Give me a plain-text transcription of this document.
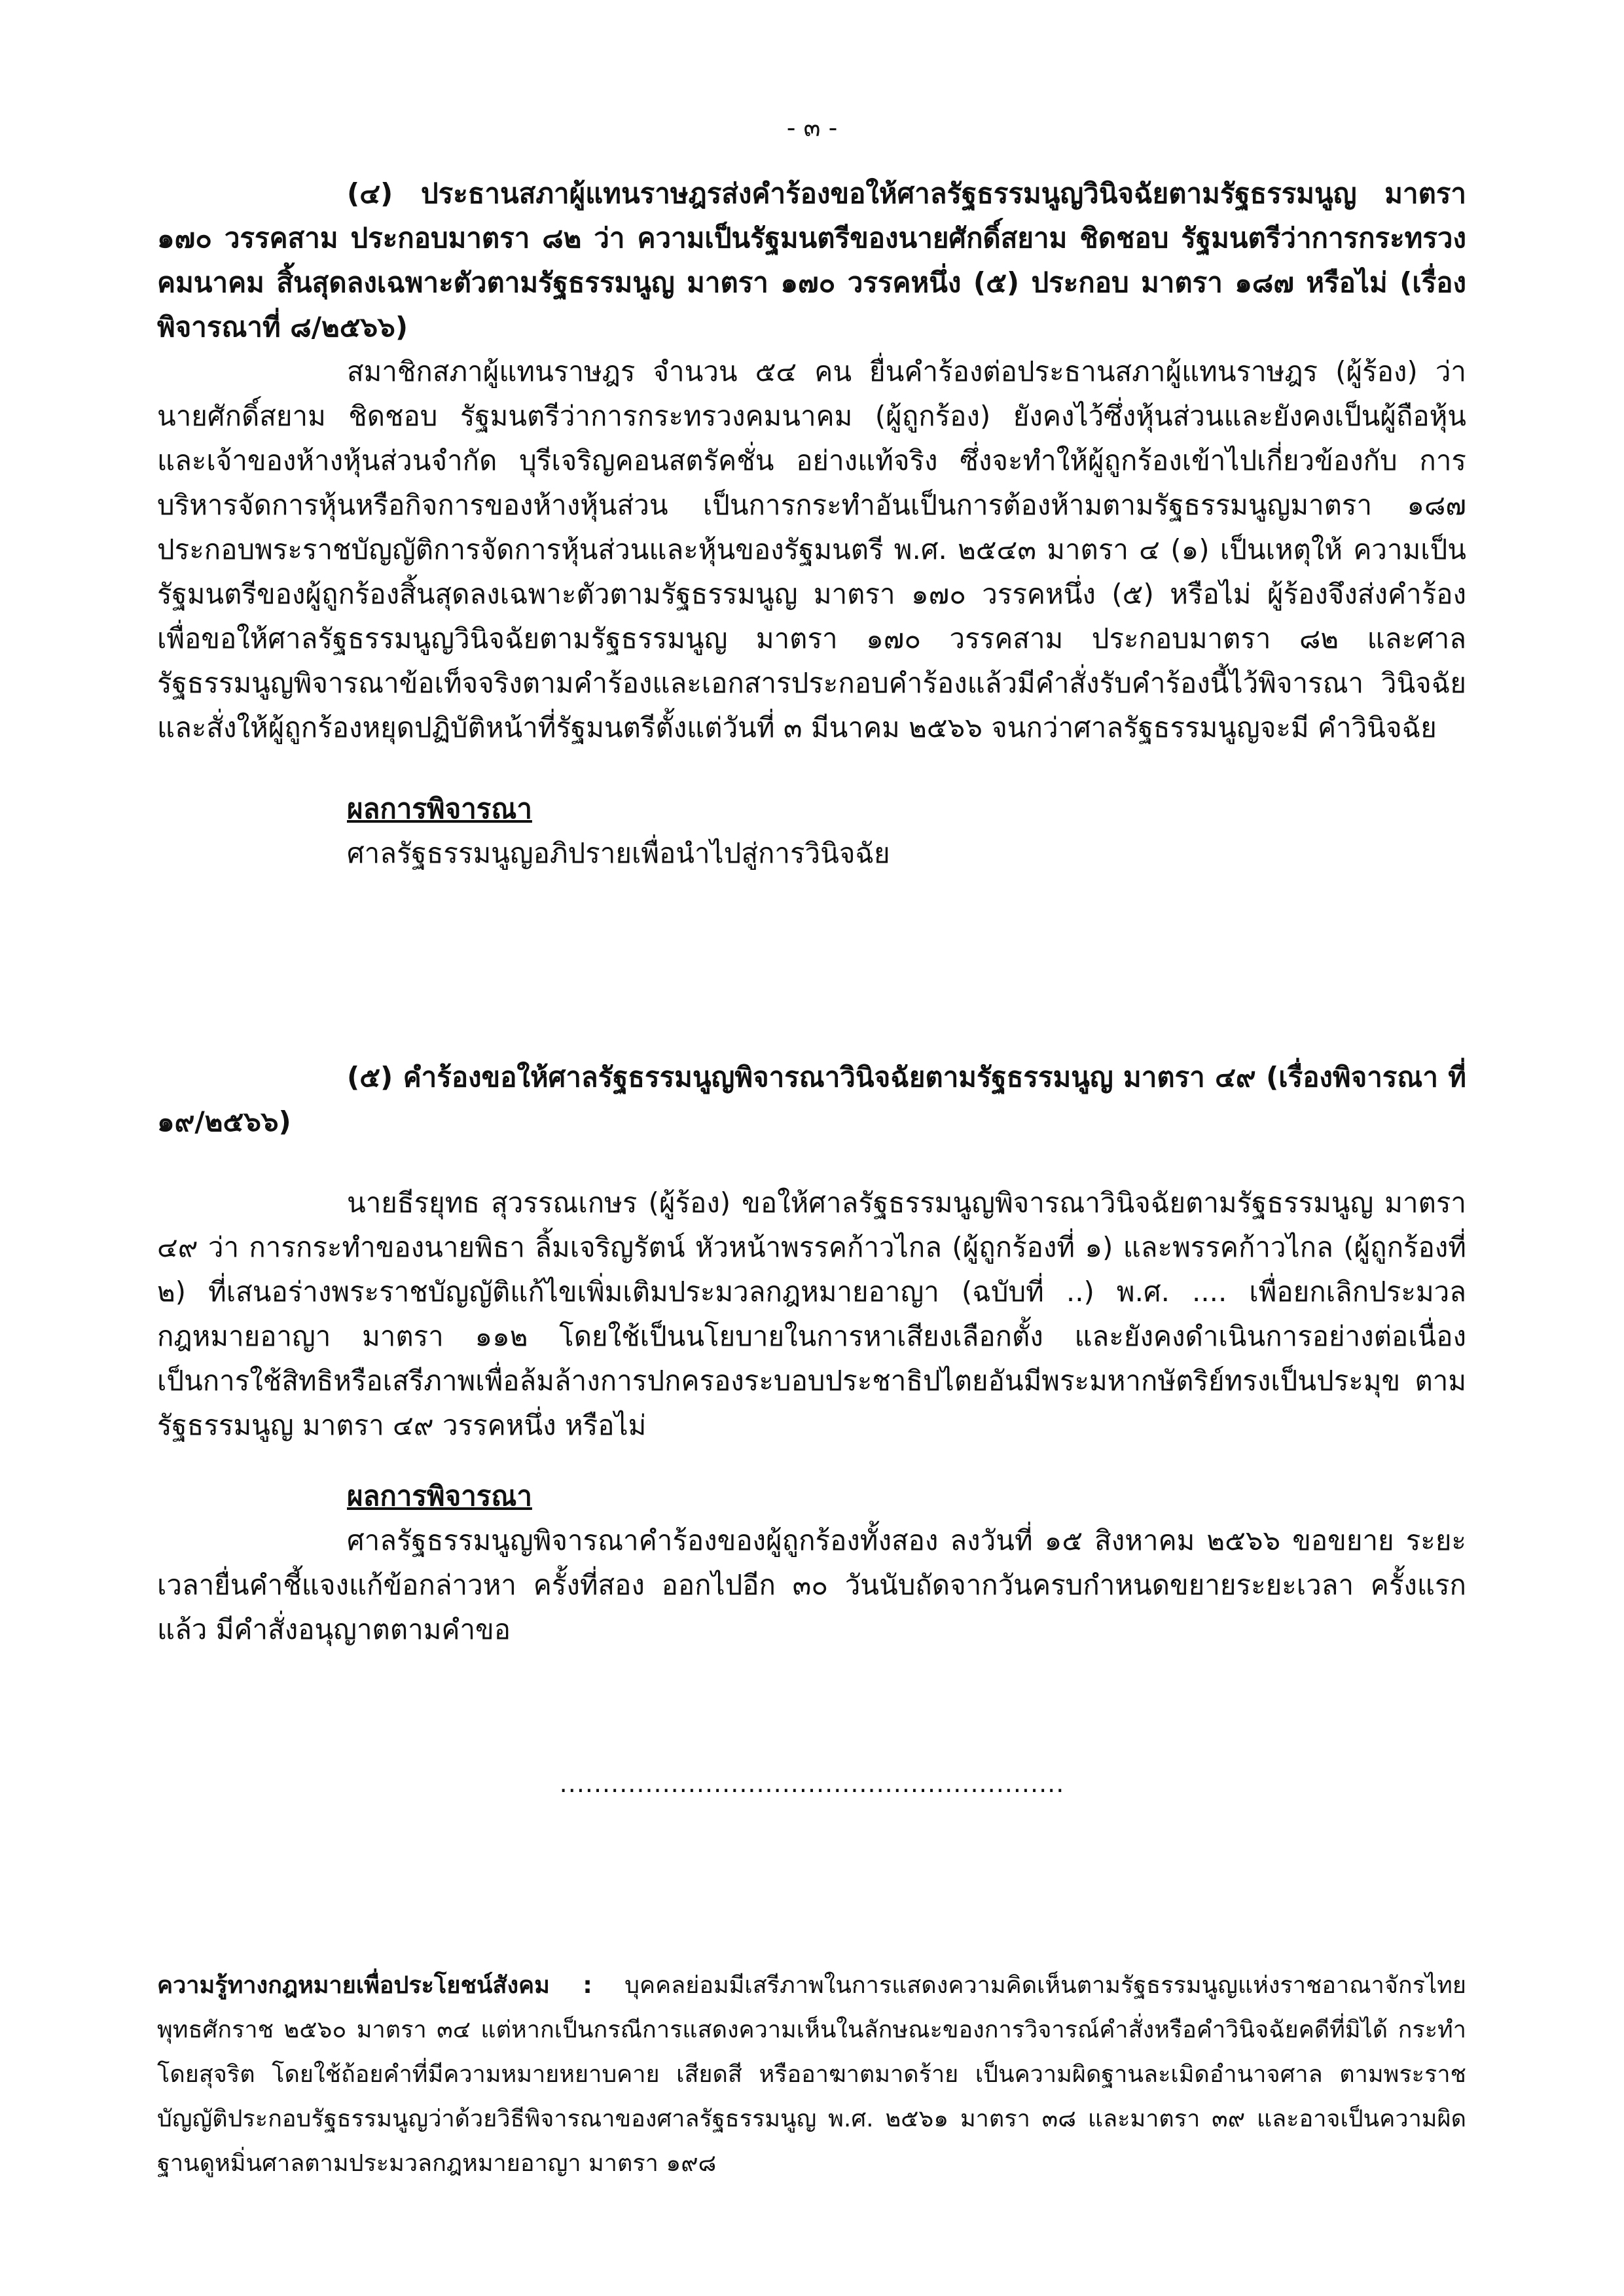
- ๓ -

(๔) ประธานสภาผู้แทนราษฎรส่งคำร้องขอให้ศาลรัฐธรรมนูญวินิจฉัยตามรัฐธรรมนูญ มาตรา ๑๗๐ วรรคสาม ประกอบมาตรา ๘๒ ว่า ความเป็นรัฐมนตรีของนายศักดิ์สยาม ชิดชอบ รัฐมนตรีว่าการกระทรวงคมนาคม สิ้นสุดลงเฉพาะตัวตามรัฐธรรมนูญ มาตรา ๑๗๐ วรรคหนึ่ง (๕) ประกอบ มาตรา ๑๘๗ หรือไม่ (เรื่องพิจารณาที่ ๘/๒๕๖๖)

สมาชิกสภาผู้แทนราษฎร จำนวน ๕๔ คน ยื่นคำร้องต่อประธานสภาผู้แทนราษฎร (ผู้ร้อง) ว่า นายศักดิ์สยาม ชิดชอบ รัฐมนตรีว่าการกระทรวงคมนาคม (ผู้ถูกร้อง) ยังคงไว้ซึ่งหุ้นส่วนและยังคงเป็นผู้ถือหุ้น และเจ้าของห้างหุ้นส่วนจำกัด บุรีเจริญคอนสตรัคชั่น อย่างแท้จริง ซึ่งจะทำให้ผู้ถูกร้องเข้าไปเกี่ยวข้องกับ การบริหารจัดการหุ้นหรือกิจการของห้างหุ้นส่วน เป็นการกระทำอันเป็นการต้องห้ามตามรัฐธรรมนูญมาตรา ๑๘๗ ประกอบพระราชบัญญัติการจัดการหุ้นส่วนและหุ้นของรัฐมนตรี พ.ศ. ๒๕๔๓ มาตรา ๔ (๑) เป็นเหตุให้ ความเป็นรัฐมนตรีของผู้ถูกร้องสิ้นสุดลงเฉพาะตัวตามรัฐธรรมนูญ มาตรา ๑๗๐ วรรคหนึ่ง (๕) หรือไม่ ผู้ร้องจึงส่งคำร้องเพื่อขอให้ศาลรัฐธรรมนูญวินิจฉัยตามรัฐธรรมนูญ มาตรา ๑๗๐ วรรคสาม ประกอบมาตรา ๘๒ และศาลรัฐธรรมนูญพิจารณาข้อเท็จจริงตามคำร้องและเอกสารประกอบคำร้องแล้วมีคำสั่งรับคำร้องนี้ไว้พิจารณา วินิจฉัยและสั่งให้ผู้ถูกร้องหยุดปฏิบัติหน้าที่รัฐมนตรีตั้งแต่วันที่ ๓ มีนาคม ๒๕๖๖ จนกว่าศาลรัฐธรรมนูญจะมี คำวินิจฉัย

ผลการพิจารณา

ศาลรัฐธรรมนูญอภิปรายเพื่อนำไปสู่การวินิจฉัย

(๕) คำร้องขอให้ศาลรัฐธรรมนูญพิจารณาวินิจฉัยตามรัฐธรรมนูญ มาตรา ๔๙ (เรื่องพิจารณา ที่ ๑๙/๒๕๖๖)

นายธีรยุทธ สุวรรณเกษร (ผู้ร้อง) ขอให้ศาลรัฐธรรมนูญพิจารณาวินิจฉัยตามรัฐธรรมนูญ มาตรา ๔๙ ว่า การกระทำของนายพิธา ลิ้มเจริญรัตน์ หัวหน้าพรรคก้าวไกล (ผู้ถูกร้องที่ ๑) และพรรคก้าวไกล (ผู้ถูกร้องที่ ๒) ที่เสนอร่างพระราชบัญญัติแก้ไขเพิ่มเติมประมวลกฎหมายอาญา (ฉบับที่ ..) พ.ศ. .... เพื่อยกเลิกประมวล กฎหมายอาญา มาตรา ๑๑๒ โดยใช้เป็นนโยบายในการหาเสียงเลือกตั้ง และยังคงดำเนินการอย่างต่อเนื่อง เป็นการใช้สิทธิหรือเสรีภาพเพื่อล้มล้างการปกครองระบอบประชาธิปไตยอันมีพระมหากษัตริย์ทรงเป็นประมุข ตามรัฐธรรมนูญ มาตรา ๔๙ วรรคหนึ่ง หรือไม่

ผลการพิจารณา

ศาลรัฐธรรมนูญพิจารณาคำร้องของผู้ถูกร้องทั้งสอง ลงวันที่ ๑๕ สิงหาคม ๒๕๖๖ ขอขยาย ระยะเวลายื่นคำชี้แจงแก้ข้อกล่าวหา ครั้งที่สอง ออกไปอีก ๓๐ วันนับถัดจากวันครบกำหนดขยายระยะเวลา ครั้งแรกแล้ว มีคำสั่งอนุญาตตามคำขอ

...........................................................

ความรู้ทางกฎหมายเพื่อประโยชน์สังคม : บุคคลย่อมมีเสรีภาพในการแสดงความคิดเห็นตามรัฐธรรมนูญแห่งราชอาณาจักรไทย พุทธศักราช ๒๕๖๐ มาตรา ๓๔ แต่หากเป็นกรณีการแสดงความเห็นในลักษณะของการวิจารณ์คำสั่งหรือคำวินิจฉัยคดีที่มิได้ กระทำโดยสุจริต โดยใช้ถ้อยคำที่มีความหมายหยาบคาย เสียดสี หรืออาฆาตมาดร้าย เป็นความผิดฐานละเมิดอำนาจศาล ตามพระราชบัญญัติประกอบรัฐธรรมนูญว่าด้วยวิธีพิจารณาของศาลรัฐธรรมนูญ พ.ศ. ๒๕๖๑ มาตรา ๓๘ และมาตรา ๓๙ และอาจเป็นความผิดฐานดูหมิ่นศาลตามประมวลกฎหมายอาญา มาตรา ๑๙๘
